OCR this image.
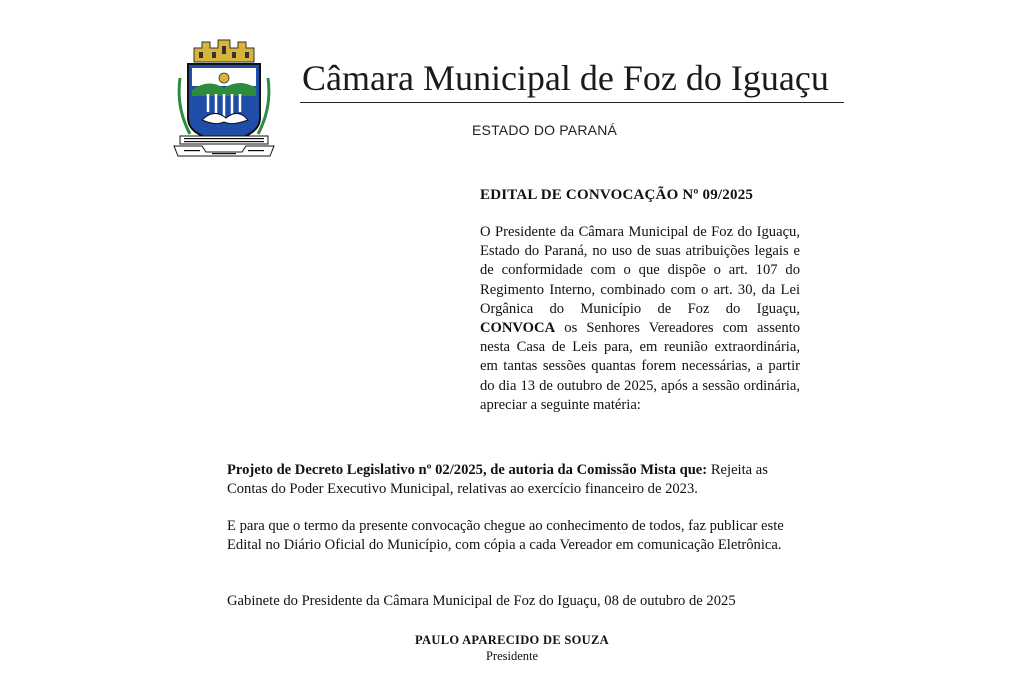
Câmara Municipal de Foz do Iguaçu
ESTADO DO PARANÁ
EDITAL DE CONVOCAÇÃO Nº 09/2025

O Presidente da Câmara Municipal de Foz do Iguaçu, Estado do Paraná, no uso de suas atribuições legais e de conformidade com o que dispõe o art. 107 do Regimento Interno, combinado com o art. 30, da Lei Orgânica do Município de Foz do Iguaçu, CONVOCA os Senhores Vereadores com assento nesta Casa de Leis para, em reunião extraordinária, em tantas sessões quantas forem necessárias, a partir do dia 13 de outubro de 2025, após a sessão ordinária, apreciar a seguinte matéria:

Projeto de Decreto Legislativo nº 02/2025, de autoria da Comissão Mista que: Rejeita as Contas do Poder Executivo Municipal, relativas ao exercício financeiro de 2023.

E para que o termo da presente convocação chegue ao conhecimento de todos, faz publicar este Edital no Diário Oficial do Município, com cópia a cada Vereador em comunicação Eletrônica.

Gabinete do Presidente da Câmara Municipal de Foz do Iguaçu, 08 de outubro de 2025

PAULO APARECIDO DE SOUZA
Presidente
